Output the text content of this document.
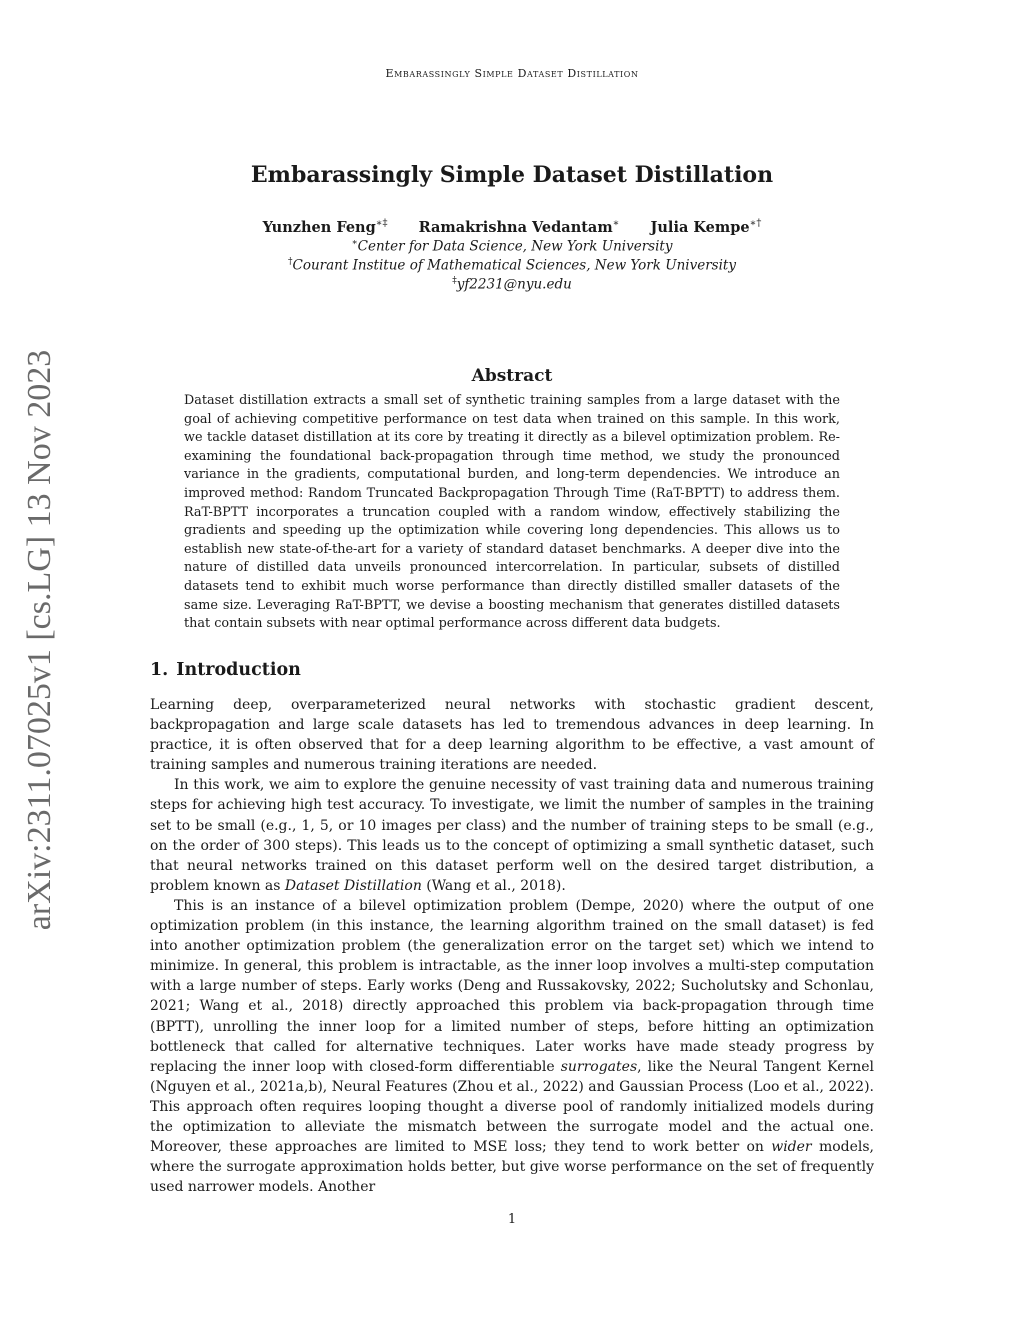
Embarassingly Simple Dataset Distillation
arXiv:2311.07025v1 [cs.LG] 13 Nov 2023
Embarassingly Simple Dataset Distillation
Yunzhen Feng∗‡ Ramakrishna Vedantam∗ Julia Kempe∗†
∗Center for Data Science, New York University
†Courant Institue of Mathematical Sciences, New York University
‡yf2231@nyu.edu
Abstract

Dataset distillation extracts a small set of synthetic training samples from a large dataset with the goal of achieving competitive performance on test data when trained on this sample. In this work, we tackle dataset distillation at its core by treating it directly as a bilevel optimization problem. Re-examining the foundational back-propagation through time method, we study the pronounced variance in the gradients, computational burden, and long-term dependencies. We introduce an improved method: Random Truncated Backpropagation Through Time (RaT-BPTT) to address them. RaT-BPTT incorporates a truncation coupled with a random window, effectively stabilizing the gradients and speeding up the optimization while covering long dependencies. This allows us to establish new state-of-the-art for a variety of standard dataset benchmarks. A deeper dive into the nature of distilled data unveils pronounced intercorrelation. In particular, subsets of distilled datasets tend to exhibit much worse performance than directly distilled smaller datasets of the same size. Leveraging RaT-BPTT, we devise a boosting mechanism that generates distilled datasets that contain subsets with near optimal performance across different data budgets.

1. Introduction

Learning deep, overparameterized neural networks with stochastic gradient descent, backpropagation and large scale datasets has led to tremendous advances in deep learning. In practice, it is often observed that for a deep learning algorithm to be effective, a vast amount of training samples and numerous training iterations are needed.

In this work, we aim to explore the genuine necessity of vast training data and numerous training steps for achieving high test accuracy. To investigate, we limit the number of samples in the training set to be small (e.g., 1, 5, or 10 images per class) and the number of training steps to be small (e.g., on the order of 300 steps). This leads us to the concept of optimizing a small synthetic dataset, such that neural networks trained on this dataset perform well on the desired target distribution, a problem known as Dataset Distillation (Wang et al., 2018).

This is an instance of a bilevel optimization problem (Dempe, 2020) where the output of one optimization problem (in this instance, the learning algorithm trained on the small dataset) is fed into another optimization problem (the generalization error on the target set) which we intend to minimize. In general, this problem is intractable, as the inner loop involves a multi-step computation with a large number of steps. Early works (Deng and Russakovsky, 2022; Sucholutsky and Schonlau, 2021; Wang et al., 2018) directly approached this problem via back-propagation through time (BPTT), unrolling the inner loop for a limited number of steps, before hitting an optimization bottleneck that called for alternative techniques. Later works have made steady progress by replacing the inner loop with closed-form differentiable surrogates, like the Neural Tangent Kernel (Nguyen et al., 2021a,b), Neural Features (Zhou et al., 2022) and Gaussian Process (Loo et al., 2022). This approach often requires looping thought a diverse pool of randomly initialized models during the optimization to alleviate the mismatch between the surrogate model and the actual one. Moreover, these approaches are limited to MSE loss; they tend to work better on wider models, where the surrogate approximation holds better, but give worse performance on the set of frequently used narrower models. Another

1
